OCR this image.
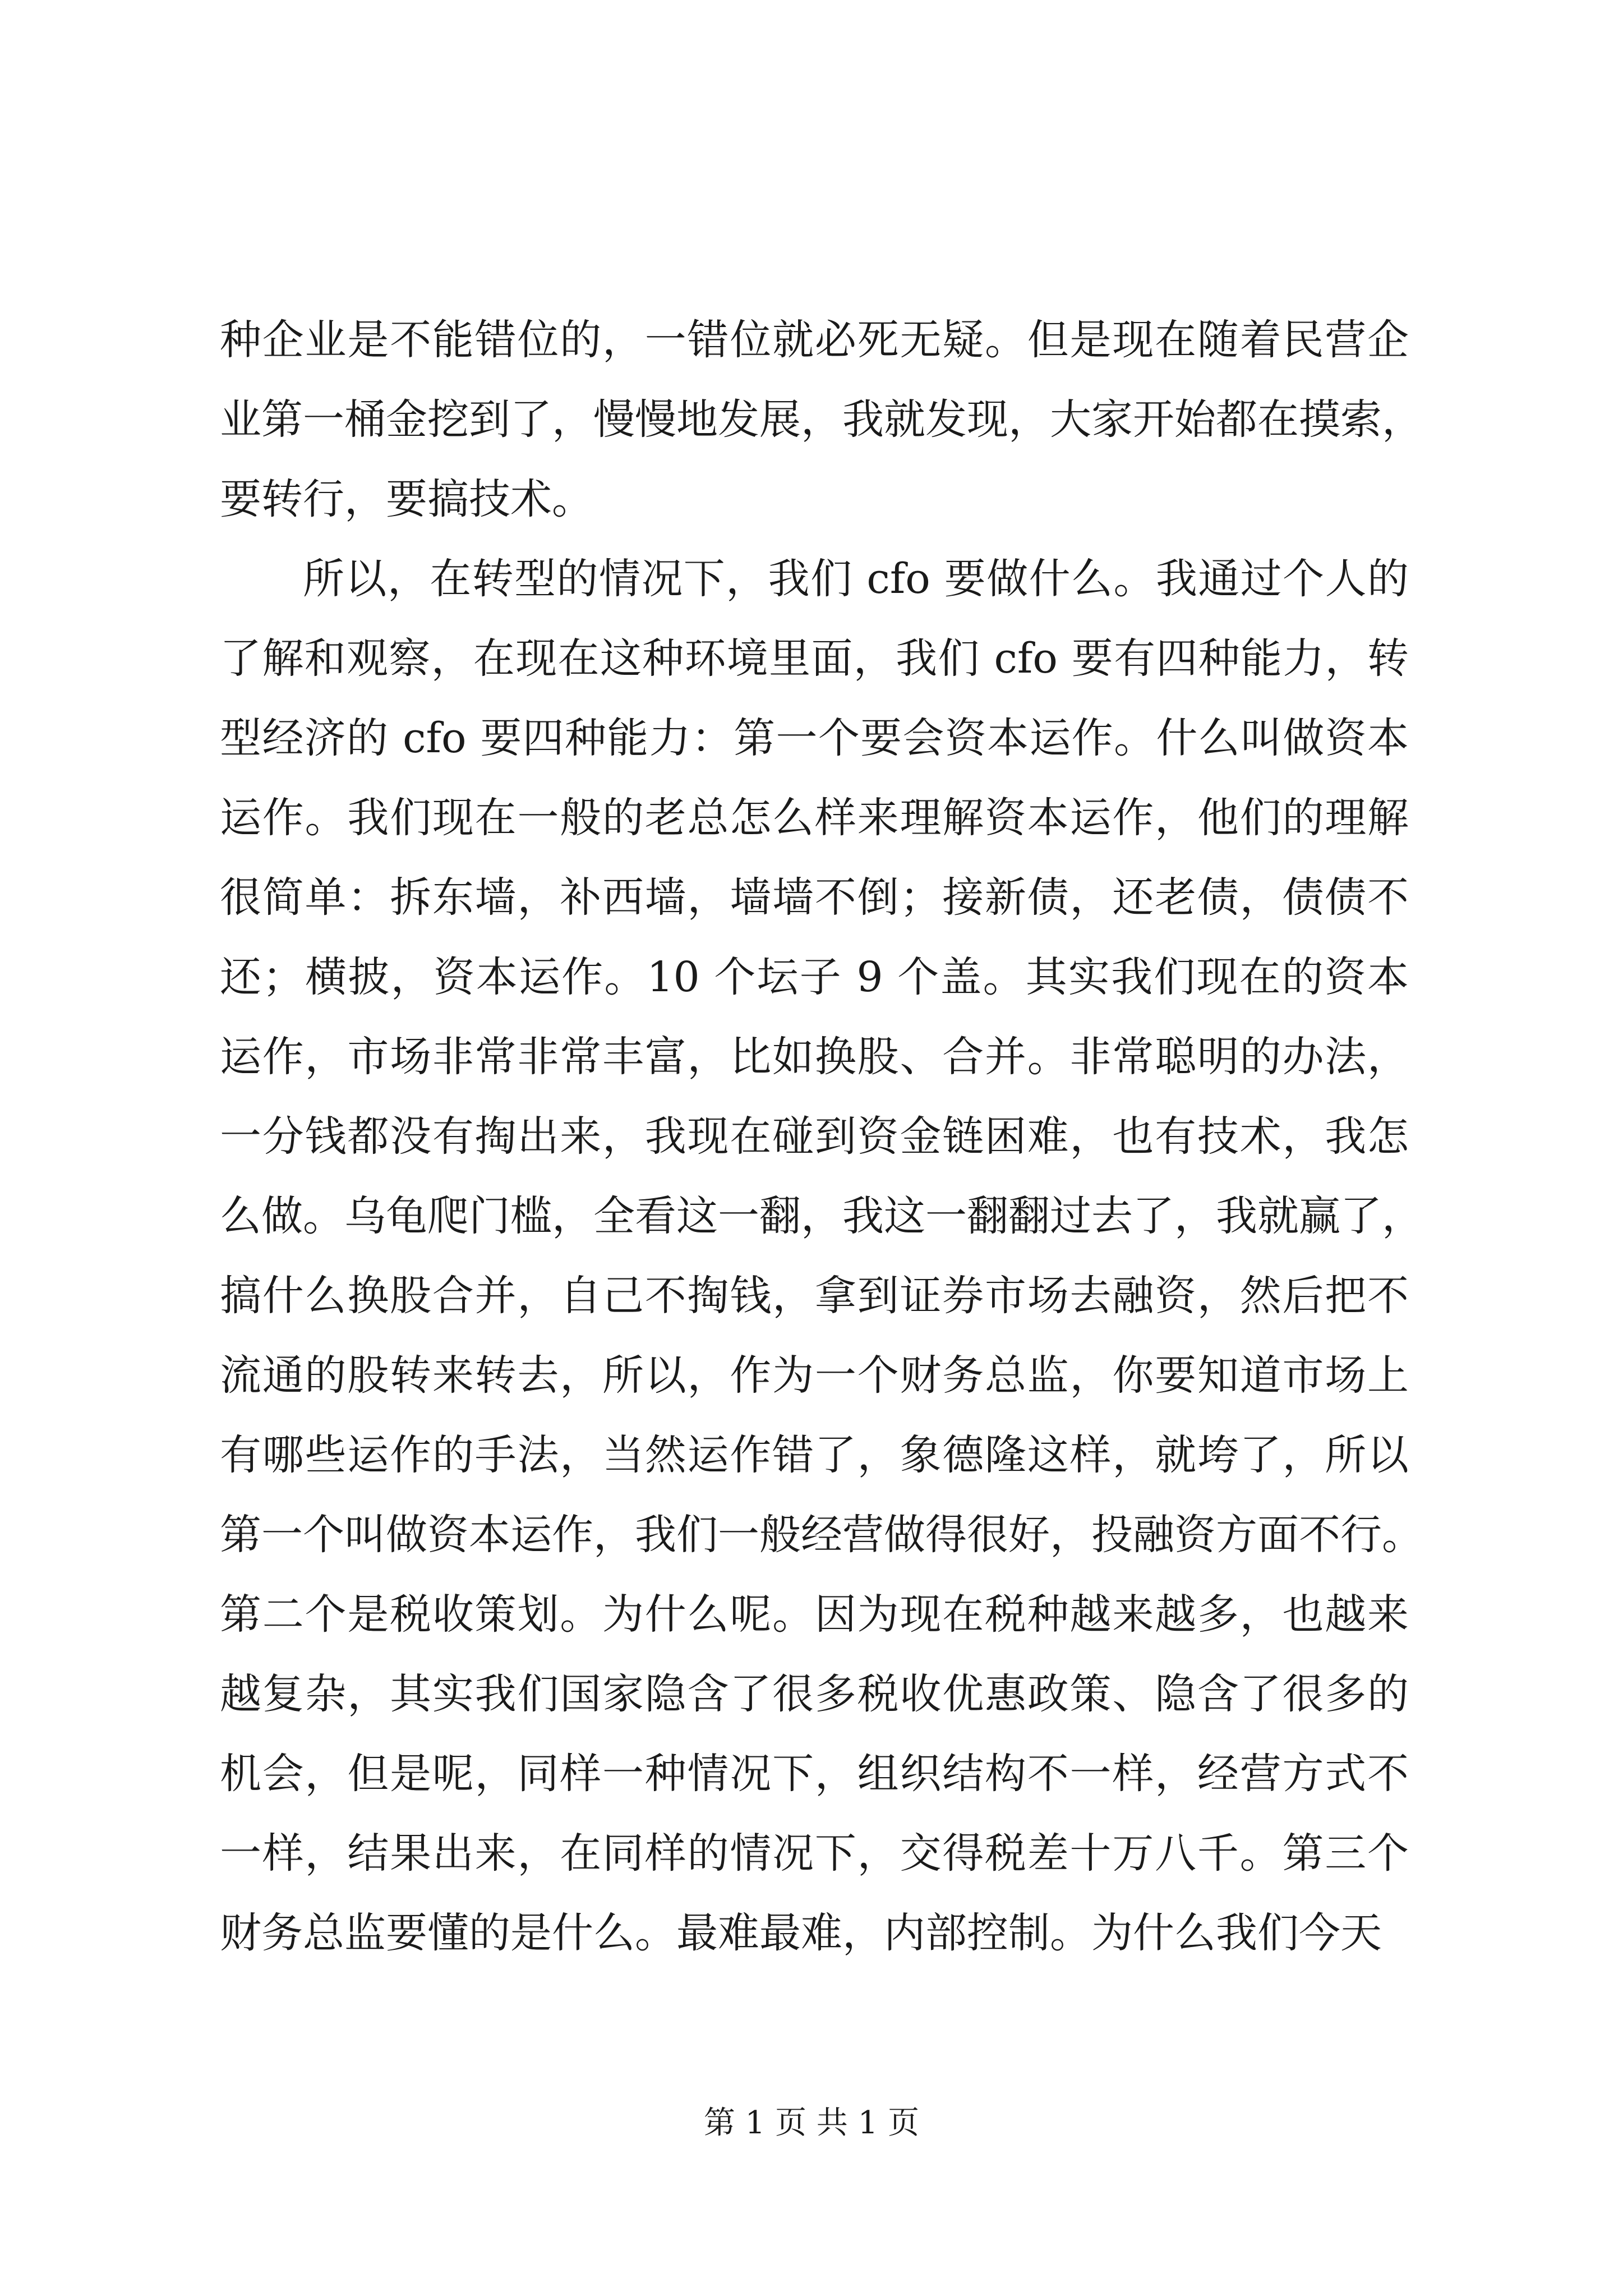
种企业是不能错位的，一错位就必死无疑。但是现在随着民营企
业第一桶金挖到了，慢慢地发展，我就发现，大家开始都在摸索，
要转行，要搞技术。
所以，在转型的情况下，我们 cfo 要做什么。我通过个人的
了解和观察，在现在这种环境里面，我们 cfo 要有四种能力，转
型经济的 cfo 要四种能力：第一个要会资本运作。什么叫做资本
运作。我们现在一般的老总怎么样来理解资本运作，他们的理解
很简单：拆东墙，补西墙，墙墙不倒；接新债，还老债，债债不
还；横披，资本运作。10 个坛子 9 个盖。其实我们现在的资本
运作，市场非常非常丰富，比如换股、合并。非常聪明的办法，
一分钱都没有掏出来，我现在碰到资金链困难，也有技术，我怎
么做。乌龟爬门槛，全看这一翻，我这一翻翻过去了，我就赢了，
搞什么换股合并，自己不掏钱，拿到证券市场去融资，然后把不
流通的股转来转去，所以，作为一个财务总监，你要知道市场上
有哪些运作的手法，当然运作错了，象德隆这样，就垮了，所以
第一个叫做资本运作，我们一般经营做得很好，投融资方面不行。
第二个是税收策划。为什么呢。因为现在税种越来越多，也越来
越复杂，其实我们国家隐含了很多税收优惠政策、隐含了很多的
机会，但是呢，同样一种情况下，组织结构不一样，经营方式不
一样，结果出来，在同样的情况下，交得税差十万八千。第三个
财务总监要懂的是什么。最难最难，内部控制。为什么我们今天
第 1 页 共 1 页
